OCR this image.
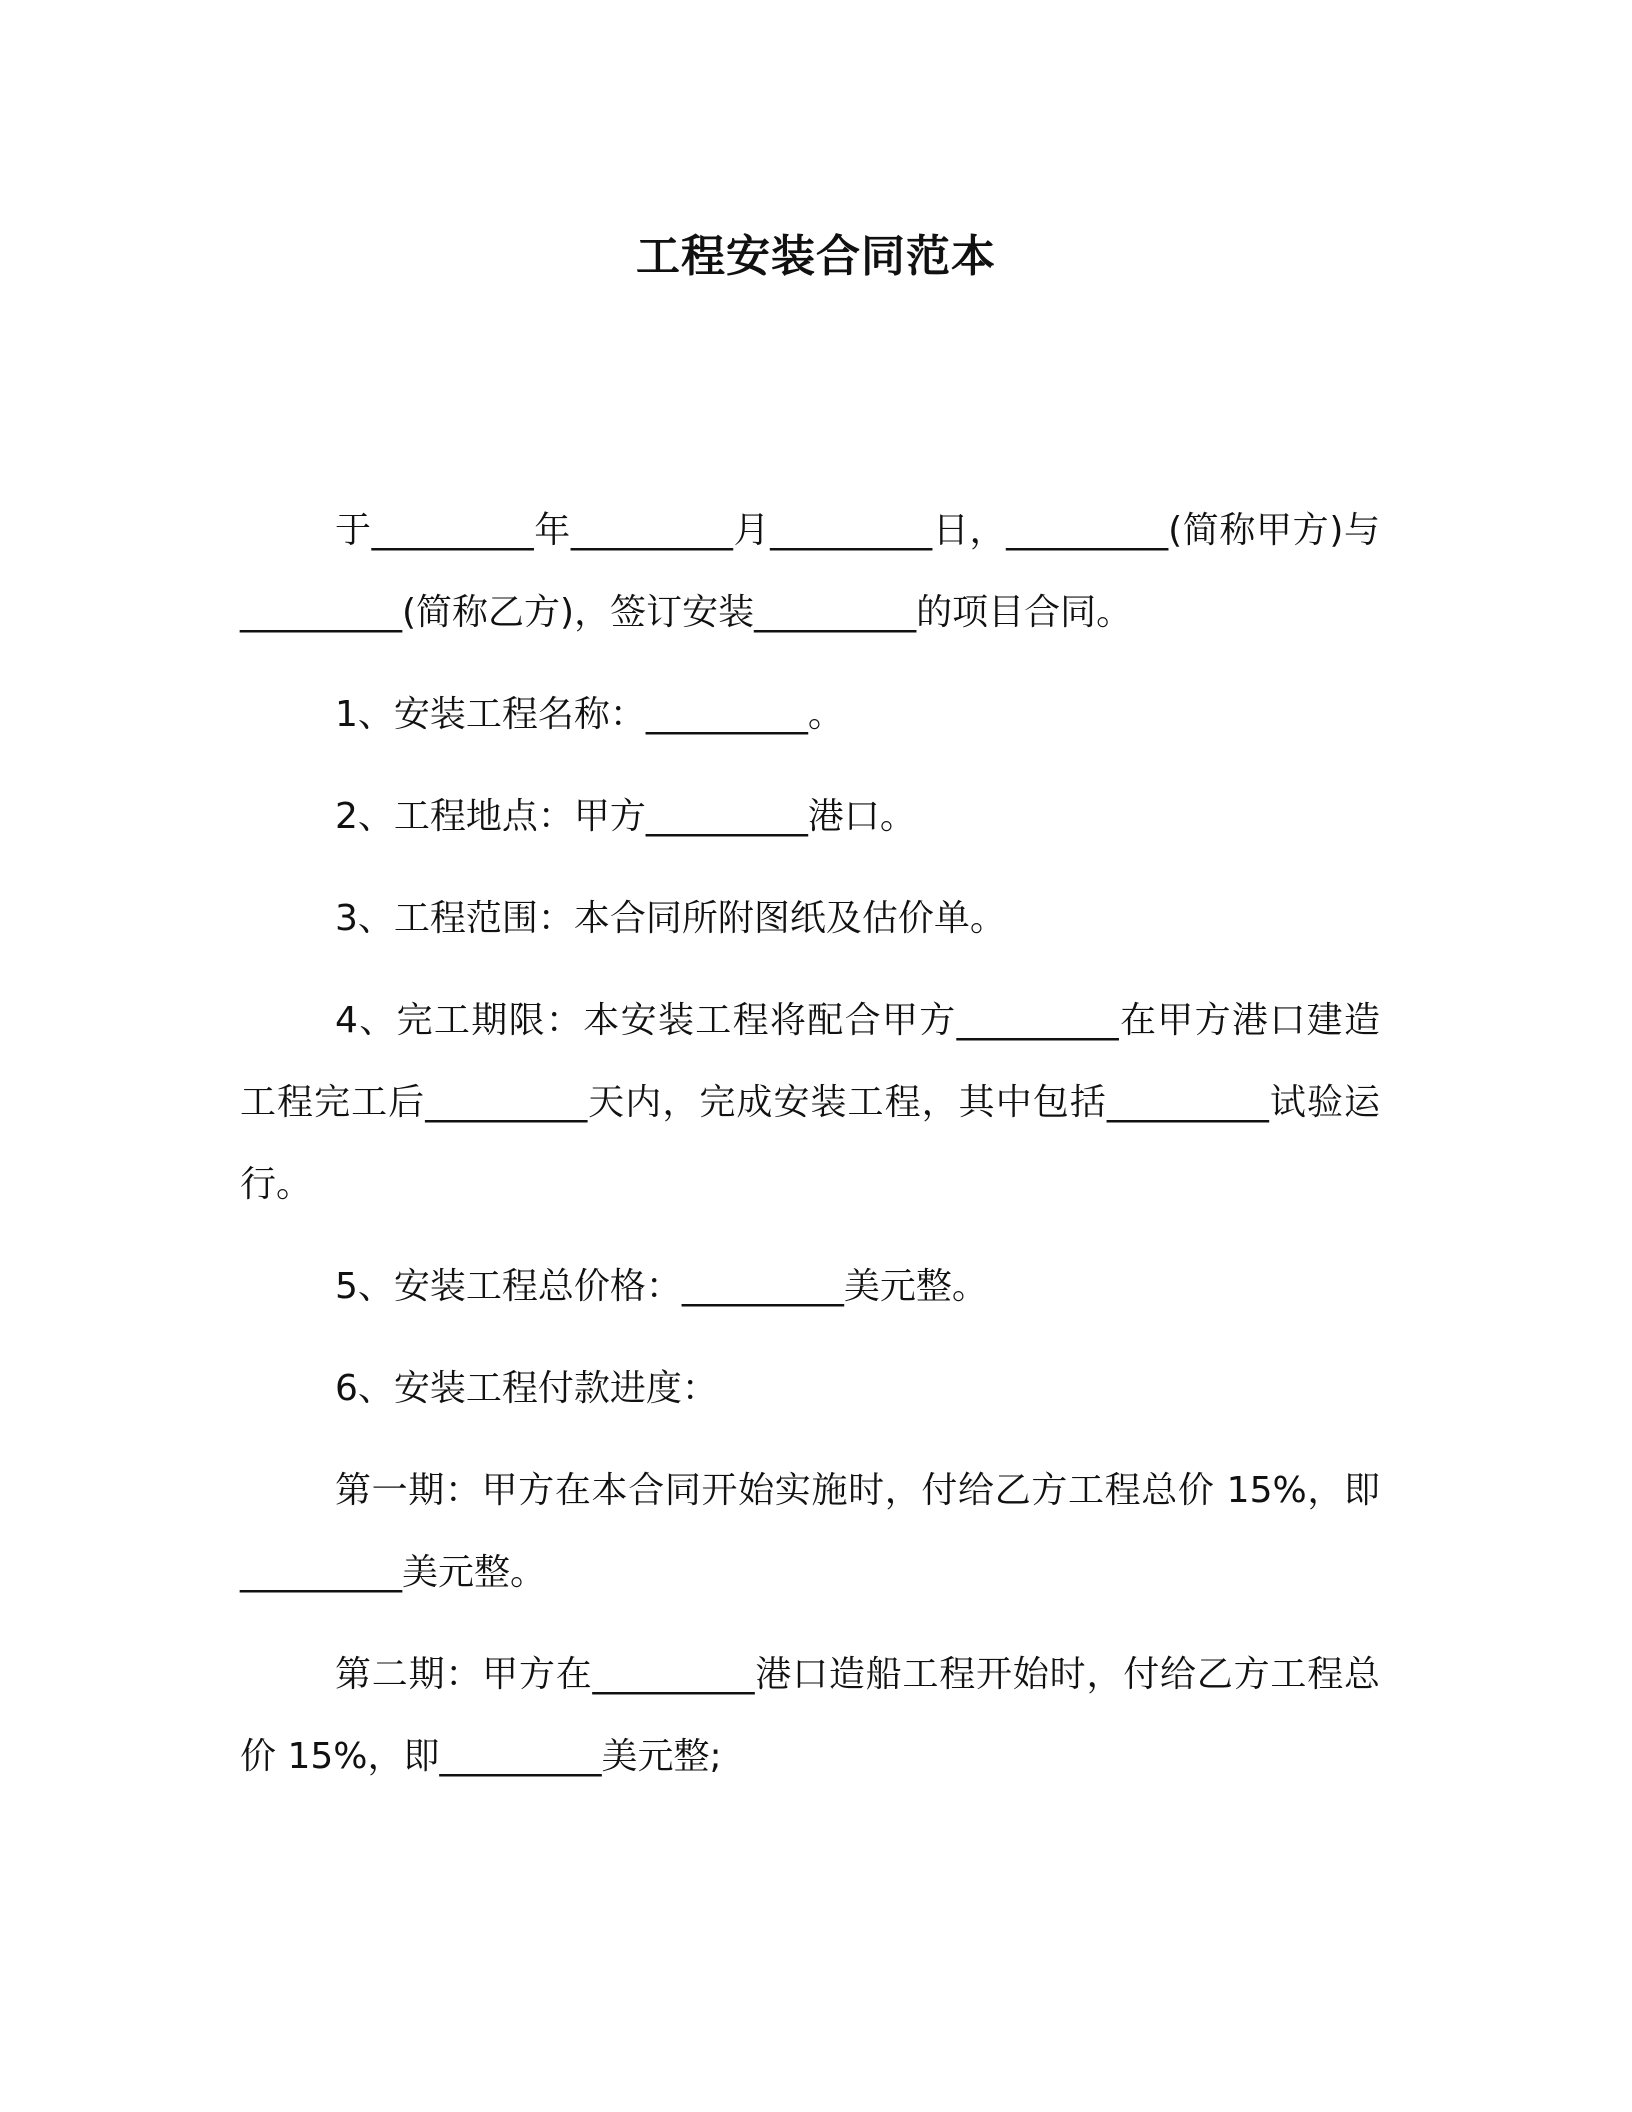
工程安装合同范本

于_________年_________月_________日，_________(简称甲方)与_________(简称乙方)，签订安装_________的项目合同。

1、安装工程名称：_________。

2、工程地点：甲方_________港口。

3、工程范围：本合同所附图纸及估价单。

4、完工期限：本安装工程将配合甲方_________在甲方港口建造工程完工后_________天内，完成安装工程，其中包括_________试验运行。

5、安装工程总价格：_________美元整。

6、安装工程付款进度：

第一期：甲方在本合同开始实施时，付给乙方工程总价 15%，即_________美元整。

第二期：甲方在_________港口造船工程开始时，付给乙方工程总价 15%，即_________美元整;
